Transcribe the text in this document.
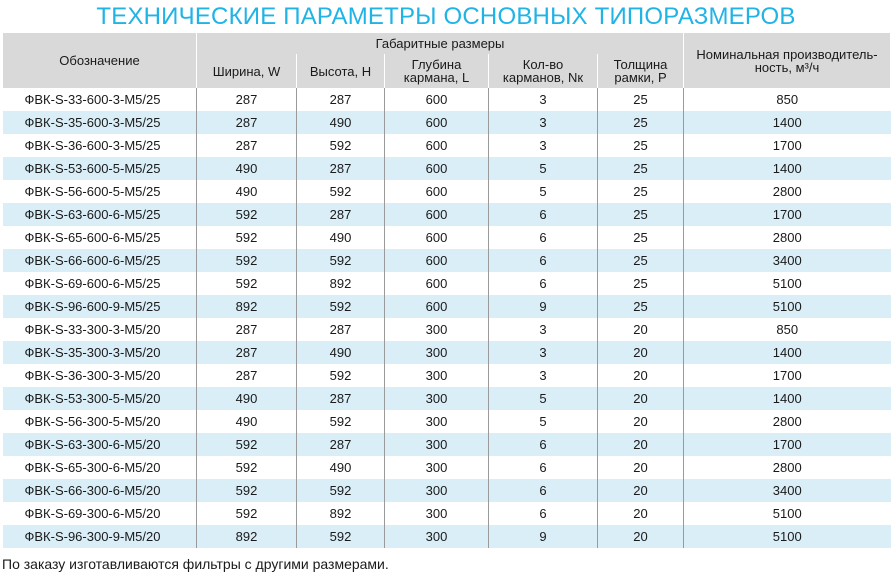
ТЕХНИЧЕСКИЕ ПАРАМЕТРЫ ОСНОВНЫХ ТИПОРАЗМЕРОВ
Обозначение	Габаритные размеры					Номинальная производитель-ность, м³/ч
	Ширина, W	Высота, H	Глубина кармана, L	Кол-во карманов, Nк	Толщина рамки, P	
ФВК-S-33-600-3-M5/25	287	287	600	3	25	850
ФВК-S-35-600-3-M5/25	287	490	600	3	25	1400
ФВК-S-36-600-3-M5/25	287	592	600	3	25	1700
ФВК-S-53-600-5-M5/25	490	287	600	5	25	1400
ФВК-S-56-600-5-M5/25	490	592	600	5	25	2800
ФВК-S-63-600-6-M5/25	592	287	600	6	25	1700
ФВК-S-65-600-6-M5/25	592	490	600	6	25	2800
ФВК-S-66-600-6-M5/25	592	592	600	6	25	3400
ФВК-S-69-600-6-M5/25	592	892	600	6	25	5100
ФВК-S-96-600-9-M5/25	892	592	600	9	25	5100
ФВК-S-33-300-3-M5/20	287	287	300	3	20	850
ФВК-S-35-300-3-M5/20	287	490	300	3	20	1400
ФВК-S-36-300-3-M5/20	287	592	300	3	20	1700
ФВК-S-53-300-5-M5/20	490	287	300	5	20	1400
ФВК-S-56-300-5-M5/20	490	592	300	5	20	2800
ФВК-S-63-300-6-M5/20	592	287	300	6	20	1700
ФВК-S-65-300-6-M5/20	592	490	300	6	20	2800
ФВК-S-66-300-6-M5/20	592	592	300	6	20	3400
ФВК-S-69-300-6-M5/20	592	892	300	6	20	5100
ФВК-S-96-300-9-M5/20	892	592	300	9	20	5100
По заказу изготавливаются фильтры с другими размерами.
